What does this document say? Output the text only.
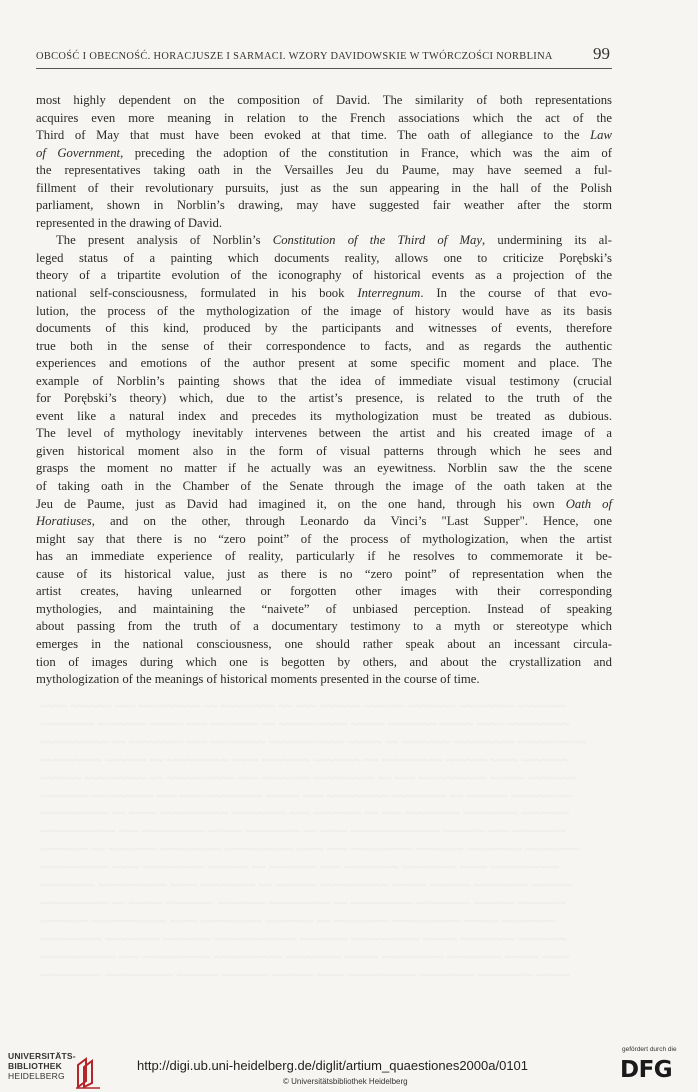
OBCOŚĆ I OBECNOŚĆ. HORACJUSZE I SARMACI. WZORY DAVIDOWSKIE W TWÓRCZOŚCI NORBLINA 99
most highly dependent on the composition of David. The similarity of both representations
acquires even more meaning in relation to the French associations which the act of the
Third of May that must have been evoked at that time. The oath of allegiance to the Law
of Government, preceding the adoption of the constitution in France, which was the aim of
the representatives taking oath in the Versailles Jeu du Paume, may have seemed a ful-
fillment of their revolutionary pursuits, just as the sun appearing in the hall of the Polish
parliament, shown in Norblin’s drawing, may have suggested fair weather after the storm
represented in the drawing of David.
The present analysis of Norblin’s Constitution of the Third of May, undermining its al-
leged status of a painting which documents reality, allows one to criticize Porębski’s
theory of a tripartite evolution of the iconography of historical events as a projection of the
national self-consciousness, formulated in his book Interregnum. In the course of that evo-
lution, the process of the mythologization of the image of history would have as its basis
documents of this kind, produced by the participants and witnesses of events, therefore
true both in the sense of their correspondence to facts, and as regards the authentic
experiences and emotions of the author present at some specific moment and place. The
example of Norblin’s painting shows that the idea of immediate visual testimony (crucial
for Porębski’s theory) which, due to the artist’s presence, is related to the truth of the
event like a natural index and precedes its mythologization must be treated as dubious.
The level of mythology inevitably intervenes between the artist and his created image of a
given historical moment also in the form of visual patterns through which he sees and
grasps the moment no matter if he actually was an eyewitness. Norblin saw the the scene
of taking oath in the Chamber of the Senate through the image of the oath taken at the
Jeu de Paume, just as David had imagined it, on the one hand, through his own Oath of
Horatiuses, and on the other, through Leonardo da Vinci’s "Last Supper". Hence, one
might say that there is no “zero point” of the process of mythologization, when the artist
has an immediate experience of reality, particularly if he resolves to commemorate it be-
cause of its historical value, just as there is no “zero point” of representation when the
artist creates, having unlearned or forgotten other images with their corresponding
mythologies, and maintaining the “naivete” of unbiased perception. Instead of speaking
about passing from the truth of a documentary testimony to a myth or stereotype which
emerges in the national consciousness, one should rather speak about an incessant circula-
tion of images during which one is begotten by others, and about the crystallization and
mythologization of the meanings of historical moments presented in the course of time.
~~~~ ~~~~~~ ~~~ ~~~~~~~~~ ~~ ~~~~~~~~ ~~ ~~~ ~~~~~~ ~~~~~~ ~~~~~~~ ~~~~~~~~ ~~~~~~~
~~~~~~~~ ~~~~~~~ ~~~~~ ~~~ ~~~~~~~ ~~ ~~~~~~~~~~ ~~~~~ ~~~~~~~ ~~~~~ ~~~~ ~~~~~~~~~
~~~~~~~~~~ ~~ ~~~~~~~~ ~~~ ~~~~~~~~ ~~~~~~~~~~~ ~~~~~ ~~ ~~~~~~~ ~~~~~~~~~ ~~~~~~~~~~
~~~~~~~~~ ~~~~~~ ~~ ~~~~~~~~~ ~~~~ ~~~~~~~ ~~~~~~~ ~~ ~~~~~~~~~ ~~~~~~ ~~~~ ~~~~~~~
~~~~~~ ~~~~~~~~~ ~~ ~~~~~~~~~~ ~~~ ~~~~~~~ ~~~~~~~~~ ~~ ~~~ ~~~~~~~~~~ ~~~~~ ~~~~~~~
~~~~~~~ ~~~~~~~~~ ~~~ ~~~~~~~~~~~~ ~~~~~ ~~~ ~~~~~~~~~ ~~~~~~~~ ~~ ~~~~~~ ~~~~~~~~~
~~~~~~~~~~ ~~ ~~~~ ~~~~~~~~~~ ~~~~~~~~ ~~~ ~~~~~~~ ~~ ~~~ ~~~~~~~~ ~~~~~~~~ ~~~~~~~
~~~~~~~~~~~ ~~~ ~~~~~~~~~ ~~~~~ ~~~~~~~~ ~~ ~~~~ ~~~~~~~~~~~~~ ~~~~~~ ~~~ ~~~~~~~~
~~~~~~~ ~~ ~~~~~~~ ~~~~~~~~~ ~~~~~~~~~~ ~~~~ ~~~ ~~~~~~~~~ ~~~~~~~ ~~~~~~~~ ~~~~~~~~
~~~~~~~~~~ ~~~~ ~~~~~~~~~ ~~~~~~ ~~ ~~~~~~~ ~~~ ~~~~~~~~ ~~~~~~~~ ~~~~ ~~~~~~~~~~
~~~~~~~~ ~~~~~~~~~~ ~~~~ ~~~~~~~~ ~~ ~~~~~~ ~~~~~~~~~~ ~~~~~ ~~~~~~ ~~~~~~~~ ~~~~~~
~~~~~~~~~~ ~~ ~~~~~ ~~~~~~~ ~~~~~~~ ~~~~~~~~~ ~~ ~~~~~~~~~ ~~~~~~~~ ~~~~~~ ~~~~~~~
~~~~~~~ ~~~~~~~~~~~ ~~~~ ~~~~~~~~~ ~~~~~~~ ~~ ~~~~~~~~ ~~~~~~~~~~ ~~~~~ ~~~~~~~~
~~~~~~~~~ ~~~~~~~~ ~~~~~~~ ~~~~~~~~~~~~ ~~~~~~~ ~~~~~~~~~~ ~~~~~ ~~~~~~~~ ~~~~~~~
~~~~~~~~~~~ ~~~ ~~~~~~~~~~ ~~~~~~~~~~ ~~~~~~~~ ~~~~~ ~~~~~~~~~ ~~~~~~~~ ~~~~~ ~~~~
~~~~~~~~~ ~~~~~~~~~~ ~~~~~~ ~~~~~~~ ~~~~~~ ~~~~ ~~~~~~~~~~ ~~~~~~~~ ~~~~~~~~ ~~~~~
UNIVERSITÄTS-
BIBLIOTHEK
HEIDELBERG
http://digi.ub.uni-heidelberg.de/diglit/artium_quaestiones2000a/0101
© Universitätsbibliothek Heidelberg
gefördert durch die
DFG
